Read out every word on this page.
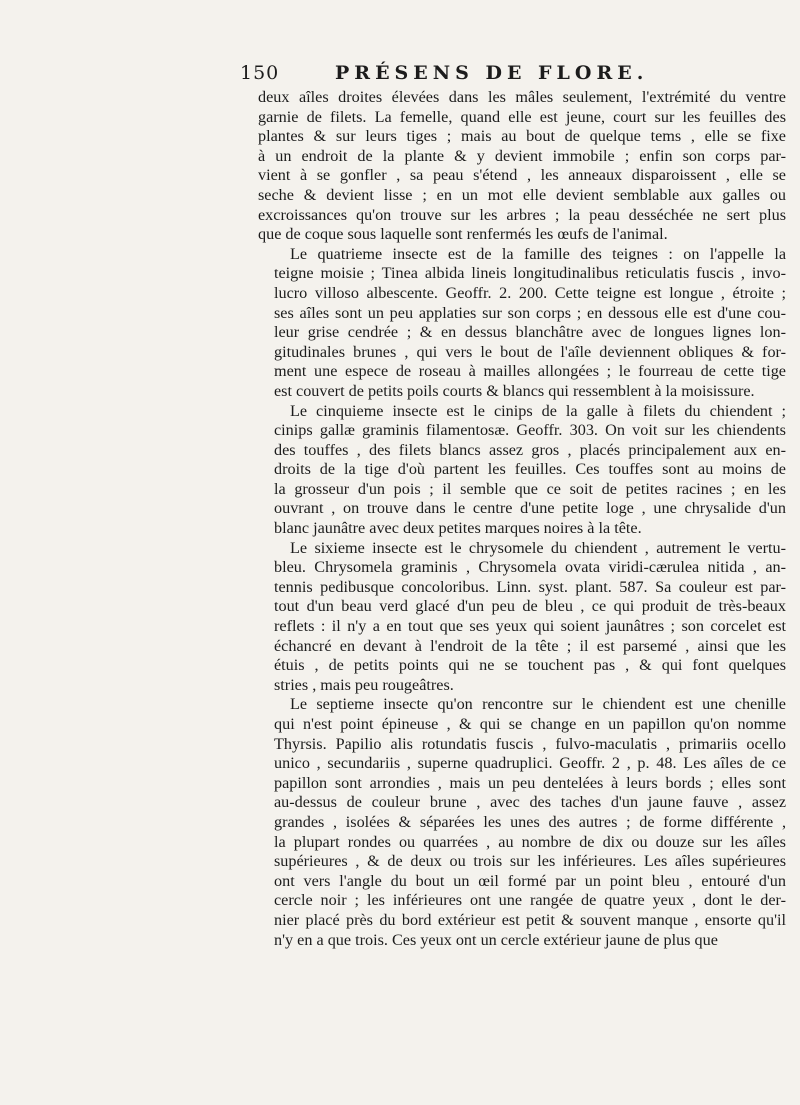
150	PRÉSENS DE FLORE.
deux aîles droites élevées dans les mâles seulement, l'extrémité du ventre
garnie de filets. La femelle, quand elle est jeune, court sur les feuilles des
plantes & sur leurs tiges ; mais au bout de quelque tems , elle se fixe
à un endroit de la plante & y devient immobile ; enfin son corps par-
vient à se gonfler , sa peau s'étend , les anneaux disparoissent , elle se
seche & devient lisse ; en un mot elle devient semblable aux galles ou
excroissances qu'on trouve sur les arbres ; la peau desséchée ne sert plus
que de coque sous laquelle sont renfermés les œufs de l'animal.
Le quatrieme insecte est de la famille des teignes : on l'appelle la
teigne moisie ; Tinea albida lineis longitudinalibus reticulatis fuscis , invo-
lucro villoso albescente. Geoffr. 2. 200. Cette teigne est longue , étroite ;
ses aîles sont un peu applaties sur son corps ; en dessous elle est d'une cou-
leur grise cendrée ; & en dessus blanchâtre avec de longues lignes lon-
gitudinales brunes , qui vers le bout de l'aîle deviennent obliques & for-
ment une espece de roseau à mailles allongées ; le fourreau de cette tige
est couvert de petits poils courts & blancs qui ressemblent à la moisissure.
Le cinquieme insecte est le cinips de la galle à filets du chiendent ;
cinips gallæ graminis filamentosæ. Geoffr. 303. On voit sur les chiendents
des touffes , des filets blancs assez gros , placés principalement aux en-
droits de la tige d'où partent les feuilles. Ces touffes sont au moins de
la grosseur d'un pois ; il semble que ce soit de petites racines ; en les
ouvrant , on trouve dans le centre d'une petite loge , une chrysalide d'un
blanc jaunâtre avec deux petites marques noires à la tête.
Le sixieme insecte est le chrysomele du chiendent , autrement le vertu-
bleu. Chrysomela graminis , Chrysomela ovata viridi-cærulea nitida , an-
tennis pedibusque concoloribus. Linn. syst. plant. 587. Sa couleur est par-
tout d'un beau verd glacé d'un peu de bleu , ce qui produit de très-beaux
reflets : il n'y a en tout que ses yeux qui soient jaunâtres ; son corcelet est
échancré en devant à l'endroit de la tête ; il est parsemé , ainsi que les
étuis , de petits points qui ne se touchent pas , & qui font quelques
stries , mais peu rougeâtres.
Le septieme insecte qu'on rencontre sur le chiendent est une chenille
qui n'est point épineuse , & qui se change en un papillon qu'on nomme
Thyrsis. Papilio alis rotundatis fuscis , fulvo-maculatis , primariis ocello
unico , secundariis , superne quadruplici. Geoffr. 2 , p. 48. Les aîles de ce
papillon sont arrondies , mais un peu dentelées à leurs bords ; elles sont
au-dessus de couleur brune , avec des taches d'un jaune fauve , assez
grandes , isolées & séparées les unes des autres ; de forme différente ,
la plupart rondes ou quarrées , au nombre de dix ou douze sur les aîles
supérieures , & de deux ou trois sur les inférieures. Les aîles supérieures
ont vers l'angle du bout un œil formé par un point bleu , entouré d'un
cercle noir ; les inférieures ont une rangée de quatre yeux , dont le der-
nier placé près du bord extérieur est petit & souvent manque , ensorte qu'il
n'y en a que trois. Ces yeux ont un cercle extérieur jaune de plus que
